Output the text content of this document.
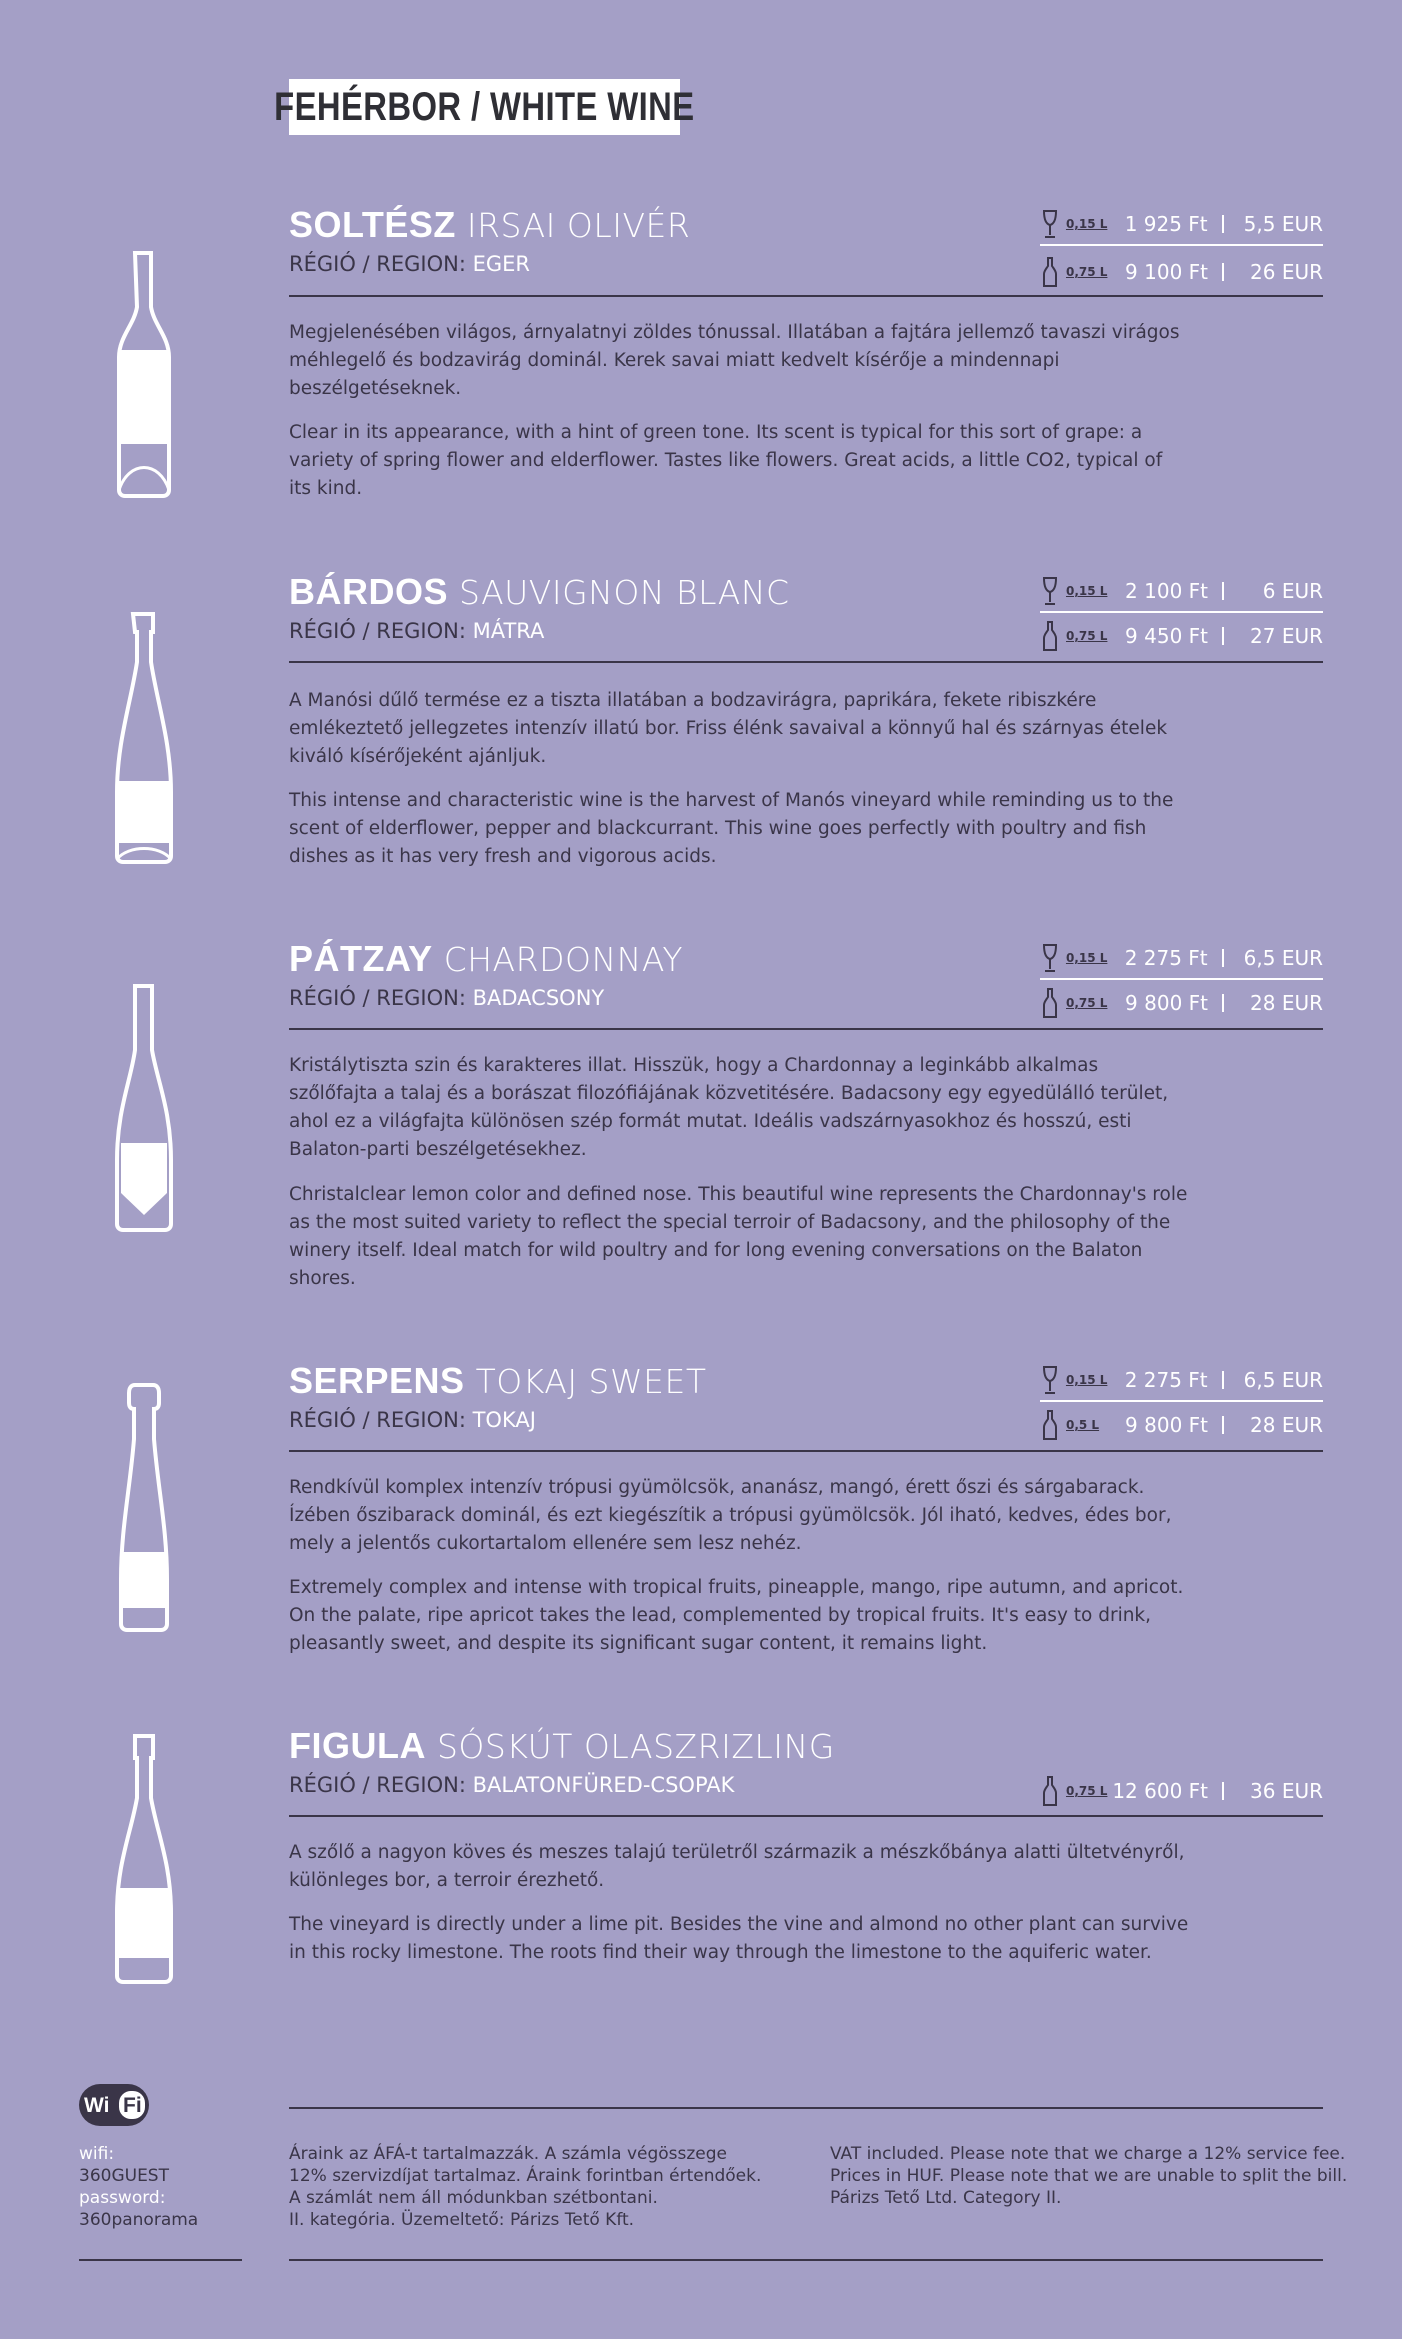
FEHÉRBOR / WHITE WINE
SOLTÉSZ IRSAI OLIVÉR
RÉGIÓ / REGION: EGER
0,15 L 1 925 Ft 5,5 EUR
0,75 L 9 100 Ft	26 EUR

Megjelenésében világos, árnyalatnyi zöldes tónussal. Illatában a fajtára jellemző tavaszi virágos méhlegelő és bodzavirág dominál. Kerek savai miatt kedvelt kísérője a mindennapi beszélgetéseknek.

Clear in its appearance, with a hint of green tone. Its scent is typical for this sort of grape: a variety of spring flower and elderflower. Tastes like flowers. Great acids, a little CO2, typical of its kind.

BÁRDOS SAUVIGNON BLANC
RÉGIÓ / REGION: MÁTRA
0,15 L 2 100 Ft	6 EUR
0,75 L 9 450 Ft	27 EUR

A Manósi dűlő termése ez a tiszta illatában a bodzavirágra, paprikára, fekete ribiszkére emlékeztető jellegzetes intenzív illatú bor. Friss élénk savaival a könnyű hal és szárnyas ételek kiváló kísérőjeként ajánljuk.

This intense and characteristic wine is the harvest of Manós vineyard while reminding us to the scent of elderflower, pepper and blackcurrant. This wine goes perfectly with poultry and fish dishes as it has very fresh and vigorous acids.

PÁTZAY CHARDONNAY
RÉGIÓ / REGION: BADACSONY
0,15 L 2 275 Ft 6,5 EUR
0,75 L 9 800 Ft	28 EUR

Kristálytiszta szin és karakteres illat. Hisszük, hogy a Chardonnay a leginkább alkalmas szőlőfajta a talaj és a borászat filozófiájának közvetitésére. Badacsony egy egyedülálló terület, ahol ez a világfajta különösen szép formát mutat. Ideális vadszárnyasokhoz és hosszú, esti Balaton-parti beszélgetésekhez.

Christalclear lemon color and defined nose. This beautiful wine represents the Chardonnay's role as the most suited variety to reflect the special terroir of Badacsony, and the philosophy of the winery itself. Ideal match for wild poultry and for long evening conversations on the Balaton shores.

SERPENS TOKAJ SWEET
RÉGIÓ / REGION: TOKAJ
0,15 L 2 275 Ft 6,5 EUR
0,5 L	9 800 Ft	28 EUR

Rendkívül komplex intenzív trópusi gyümölcsök, ananász, mangó, érett őszi és sárgabarack. Ízében őszibarack dominál, és ezt kiegészítik a trópusi gyümölcsök. Jól iható, kedves, édes bor, mely a jelentős cukortartalom ellenére sem lesz nehéz.

Extremely complex and intense with tropical fruits, pineapple, mango, ripe autumn, and apricot. On the palate, ripe apricot takes the lead, complemented by tropical fruits. It's easy to drink, pleasantly sweet, and despite its significant sugar content, it remains light.

FIGULA SÓSKÚT OLASZRIZLING
RÉGIÓ / REGION: BALATONFÜRED-CSOPAK	0,75 L 12 600 Ft	36 EUR

A szőlő a nagyon köves és meszes talajú területről származik a mészkőbánya alatti ültetvényről, különleges bor, a terroir érezhető.

The vineyard is directly under a lime pit. Besides the vine and almond no other plant can survive in this rocky limestone. The roots find their way through the limestone to the aquiferic water.

Wi Fi
wifi:
360GUEST
password:
360panorama
Áraink az ÁFÁ-t tartalmazzák. A számla végösszege
12% szervizdíjat tartalmaz. Áraink forintban értendőek.
A számlát nem áll módunkban szétbontani.
II. kategória. Üzemeltető: Párizs Tető Kft.
VAT included. Please note that we charge a 12% service fee.
Prices in HUF. Please note that we are unable to split the bill.
Párizs Tető Ltd. Category II.
